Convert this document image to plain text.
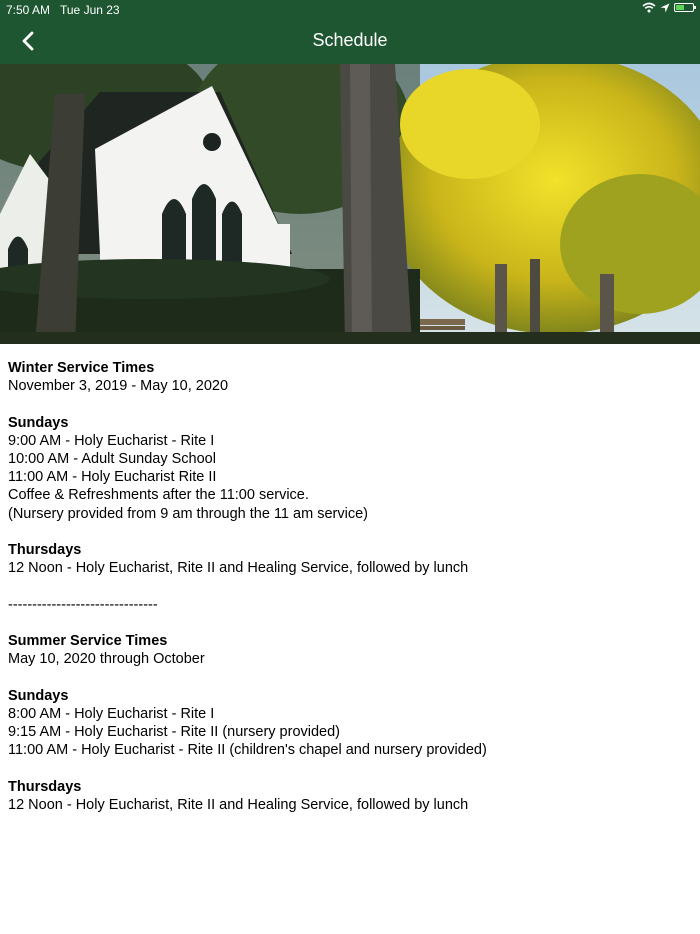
7:50 AM Tue Jun 23
Schedule

Winter Service Times

November 3, 2019 - May 10, 2020

Sundays

9:00 AM - Holy Eucharist - Rite I

10:00 AM - Adult Sunday School

11:00 AM - Holy Eucharist Rite II

Coffee & Refreshments after the 11:00 service.

(Nursery provided from 9 am through the 11 am service)

Thursdays

12 Noon - Holy Eucharist, Rite II and Healing Service, followed by lunch

-------------------------------

Summer Service Times

May 10, 2020 through October

Sundays

8:00 AM - Holy Eucharist - Rite I

9:15 AM - Holy Eucharist - Rite II (nursery provided)

11:00 AM - Holy Eucharist - Rite II (children's chapel and nursery provided)

Thursdays

12 Noon - Holy Eucharist, Rite II and Healing Service, followed by lunch
